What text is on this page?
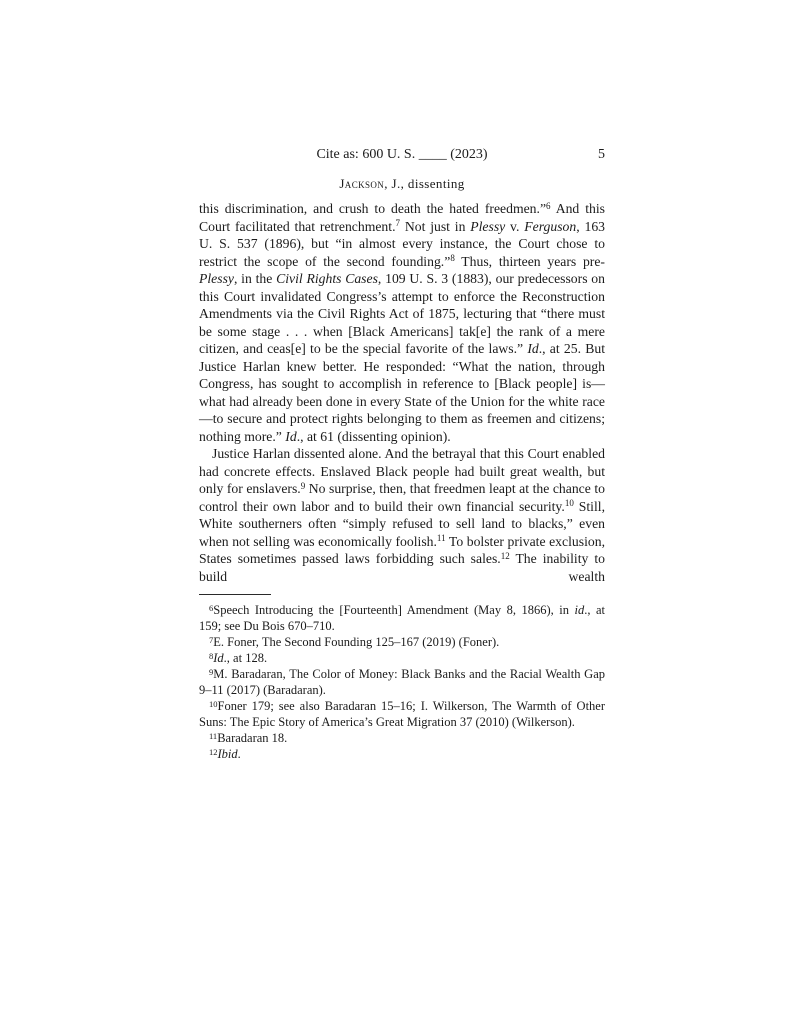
Cite as: 600 U. S. ____ (2023)	5
Jackson, J., dissenting

this discrimination, and crush to death the hated freedmen.”$^6$ And this Court facilitated that retrenchment.$^7$ Not just in Plessy v. Ferguson, 163 U. S. 537 (1896), but “in almost every instance, the Court chose to restrict the scope of the second founding.”$^8$ Thus, thirteen years pre-Plessy, in the Civil Rights Cases, 109 U. S. 3 (1883), our predecessors on this Court invalidated Congress’s attempt to enforce the Reconstruction Amendments via the Civil Rights Act of 1875, lecturing that “there must be some stage . . . when [Black Americans] tak[e] the rank of a mere citizen, and ceas[e] to be the special favorite of the laws.” Id., at 25. But Justice Harlan knew better. He responded: “What the nation, through Congress, has sought to accomplish in reference to [Black people] is—what had already been done in every State of the Union for the white race—to secure and protect rights belonging to them as freemen and citizens; nothing more.” Id., at 61 (dissenting opinion).

Justice Harlan dissented alone. And the betrayal that this Court enabled had concrete effects. Enslaved Black people had built great wealth, but only for enslavers.$^9$ No surprise, then, that freedmen leapt at the chance to control their own labor and to build their own financial security.$^{10}$ Still, White southerners often “simply refused to sell land to blacks,” even when not selling was economically foolish.$^{11}$ To bolster private exclusion, States sometimes passed laws forbidding such sales.$^{12}$ The inability to build wealth

$^6$Speech Introducing the [Fourteenth] Amendment (May 8, 1866), in id., at 159; see Du Bois 670–710.

$^7$E. Foner, The Second Founding 125–167 (2019) (Foner).

$^8$Id., at 128.

$^9$M. Baradaran, The Color of Money: Black Banks and the Racial Wealth Gap 9–11 (2017) (Baradaran).

$^{10}$Foner 179; see also Baradaran 15–16; I. Wilkerson, The Warmth of Other Suns: The Epic Story of America’s Great Migration 37 (2010) (Wilkerson).

$^{11}$Baradaran 18.

$^{12}$Ibid.
